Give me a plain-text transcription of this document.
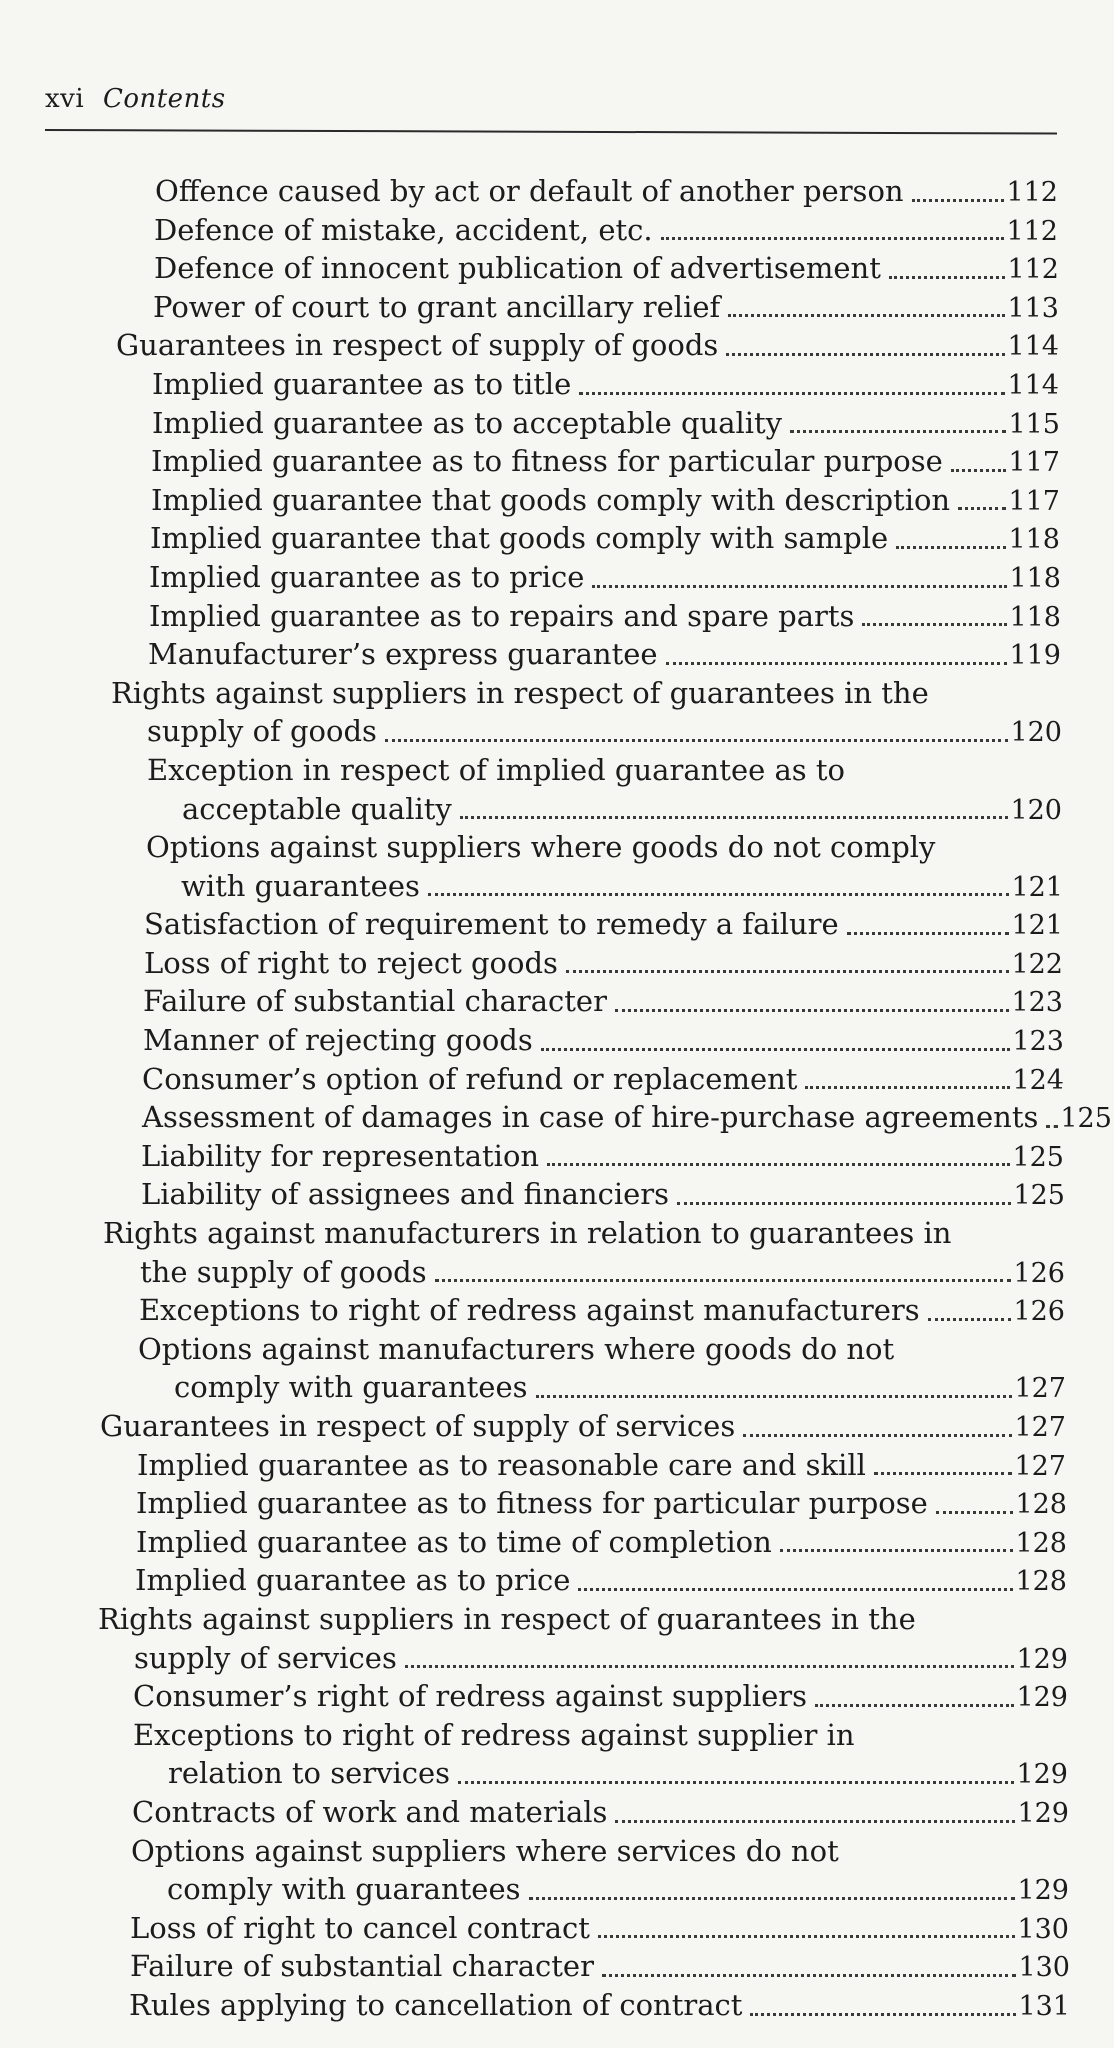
xvi Contents
Offence caused by act or default of another person	112
Defence of mistake, accident, etc.	112
Defence of innocent publication of advertisement	112
Power of court to grant ancillary relief	113
Guarantees in respect of supply of goods	114
Implied guarantee as to title	114
Implied guarantee as to acceptable quality	115
Implied guarantee as to fitness for particular purpose 117
Implied guarantee that goods comply with description 117
Implied guarantee that goods comply with sample	118
Implied guarantee as to price	118
Implied guarantee as to repairs and spare parts	118
Manufacturer’s express guarantee	119
Rights against suppliers in respect of guarantees in the
supply of goods	120
Exception in respect of implied guarantee as to
acceptable quality	120
Options against suppliers where goods do not comply
with guarantees	121
Satisfaction of requirement to remedy a failure	121
Loss of right to reject goods	122
Failure of substantial character	123
Manner of rejecting goods	123
Consumer’s option of refund or replacement	124
Assessment of damages in case of hire-purchase agreements 125
Liability for representation	125
Liability of assignees and financiers	125
Rights against manufacturers in relation to guarantees in
the supply of goods	126
Exceptions to right of redress against manufacturers	126
Options against manufacturers where goods do not
comply with guarantees	127
Guarantees in respect of supply of services	127
Implied guarantee as to reasonable care and skill	127
Implied guarantee as to fitness for particular purpose	128
Implied guarantee as to time of completion	128
Implied guarantee as to price	128
Rights against suppliers in respect of guarantees in the
supply of services	129
Consumer’s right of redress against suppliers	129
Exceptions to right of redress against supplier in
relation to services	129
Contracts of work and materials	129
Options against suppliers where services do not
comply with guarantees	129
Loss of right to cancel contract	130
Failure of substantial character	130
Rules applying to cancellation of contract	131
